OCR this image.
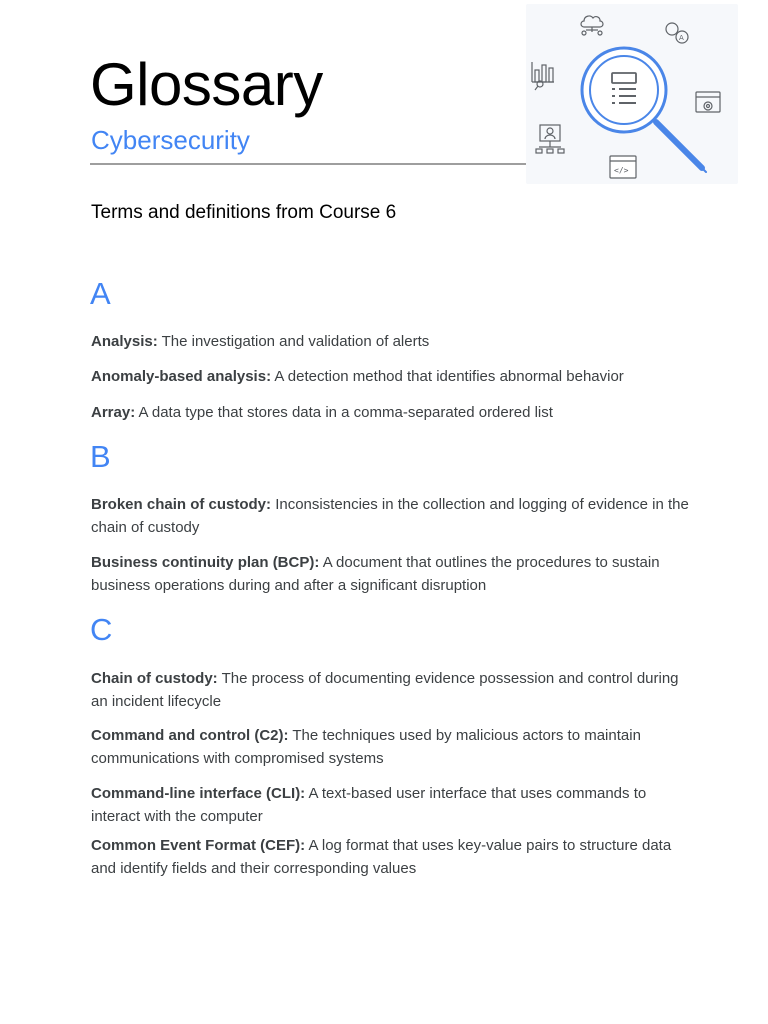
Glossary
Cybersecurity
A
</>
Terms and definitions from Course 6
A
Analysis: The investigation and validation of alerts
Anomaly-based analysis: A detection method that identifies abnormal behavior
Array: A data type that stores data in a comma-separated ordered list
B
Broken chain of custody: Inconsistencies in the collection and logging of evidence in the chain of custody
Business continuity plan (BCP): A document that outlines the procedures to sustain business operations during and after a significant disruption
C
Chain of custody: The process of documenting evidence possession and control during an incident lifecycle
Command and control (C2): The techniques used by malicious actors to maintain communications with compromised systems
Command-line interface (CLI): A text-based user interface that uses commands to interact with the computer
Common Event Format (CEF): A log format that uses key-value pairs to structure data and identify fields and their corresponding values
